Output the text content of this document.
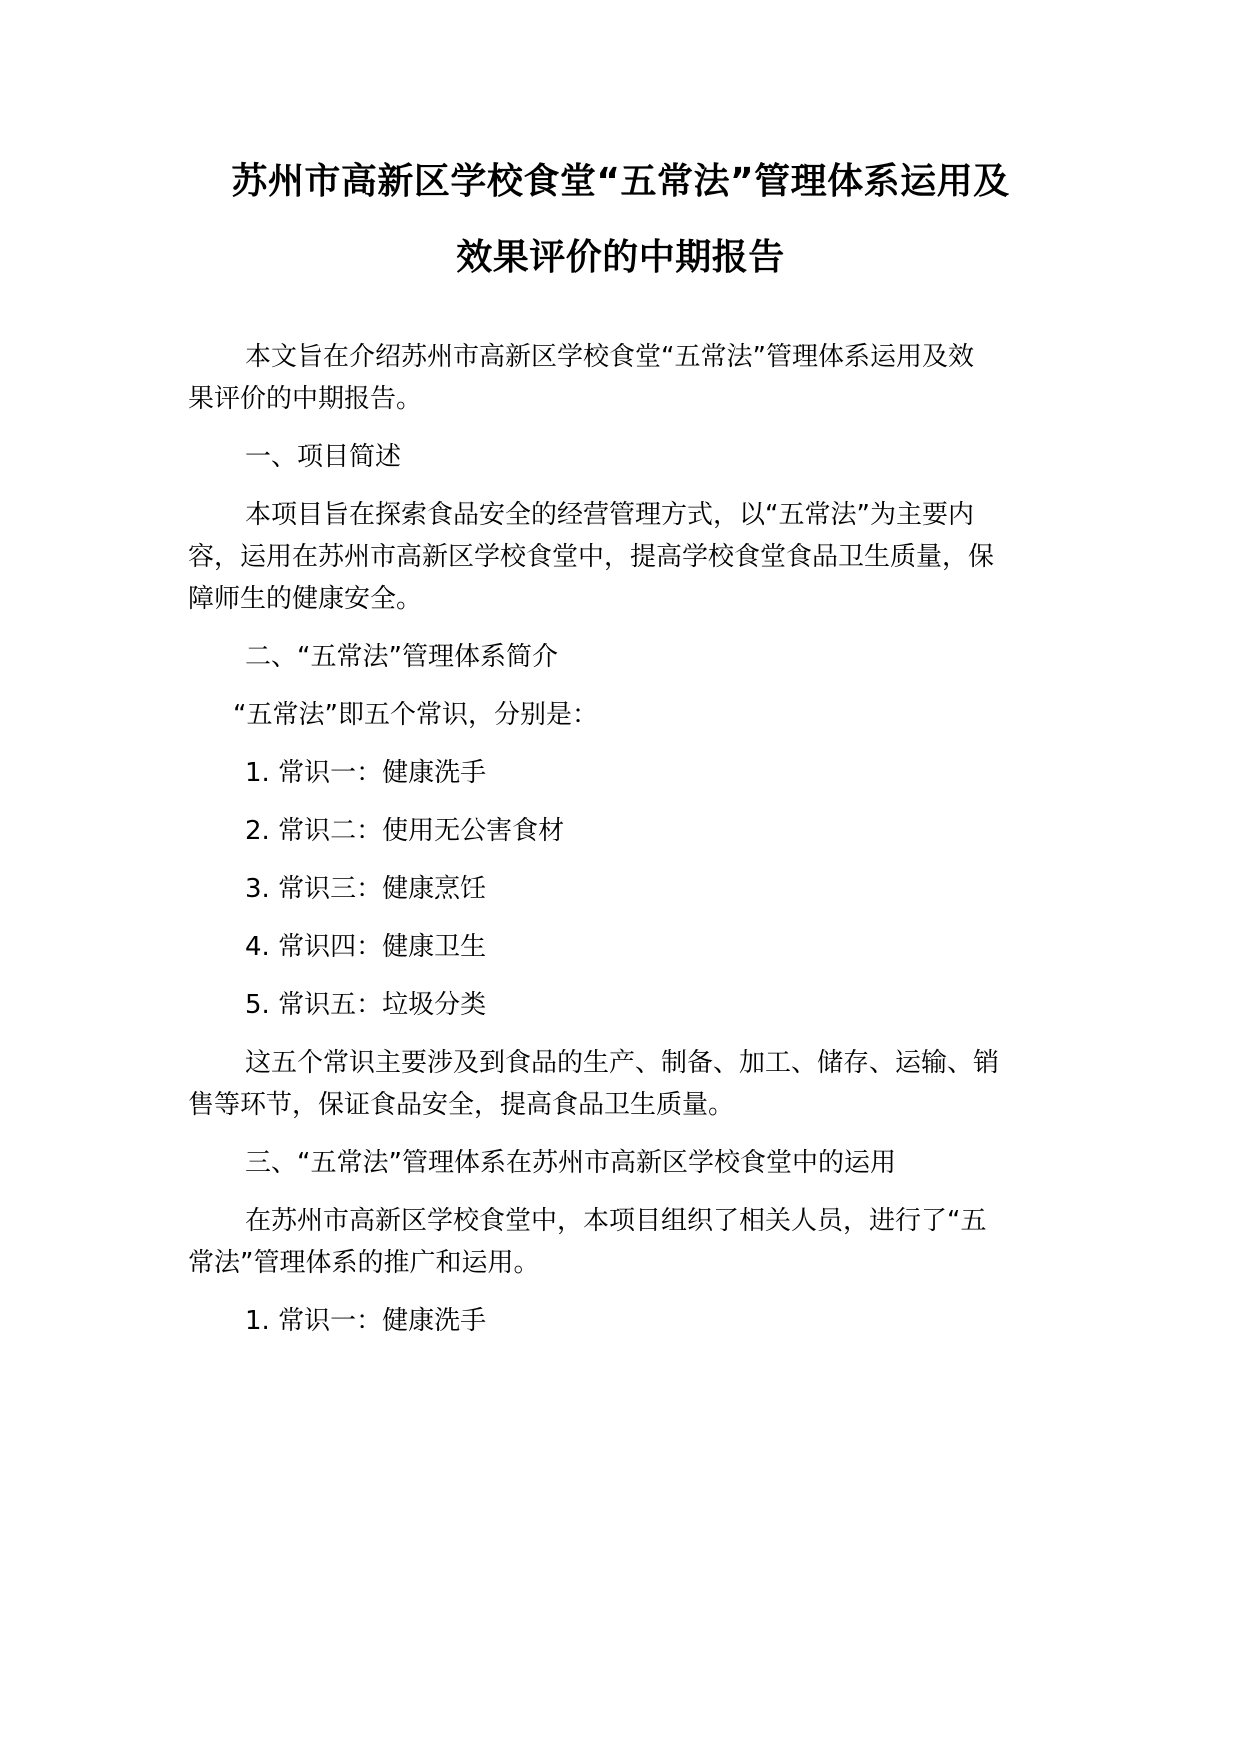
苏州市高新区学校食堂“五常法”管理体系运用及
效果评价的中期报告
本文旨在介绍苏州市高新区学校食堂“五常法”管理体系运用及效
果评价的中期报告。
一、项目简述
本项目旨在探索食品安全的经营管理方式，以“五常法”为主要内
容，运用在苏州市高新区学校食堂中，提高学校食堂食品卫生质量，保
障师生的健康安全。
二、“五常法”管理体系简介
“五常法”即五个常识，分别是：
1. 常识一：健康洗手
2. 常识二：使用无公害食材
3. 常识三：健康烹饪
4. 常识四：健康卫生
5. 常识五：垃圾分类
这五个常识主要涉及到食品的生产、制备、加工、储存、运输、销
售等环节，保证食品安全，提高食品卫生质量。
三、“五常法”管理体系在苏州市高新区学校食堂中的运用
在苏州市高新区学校食堂中，本项目组织了相关人员，进行了“五
常法”管理体系的推广和运用。
1. 常识一：健康洗手
